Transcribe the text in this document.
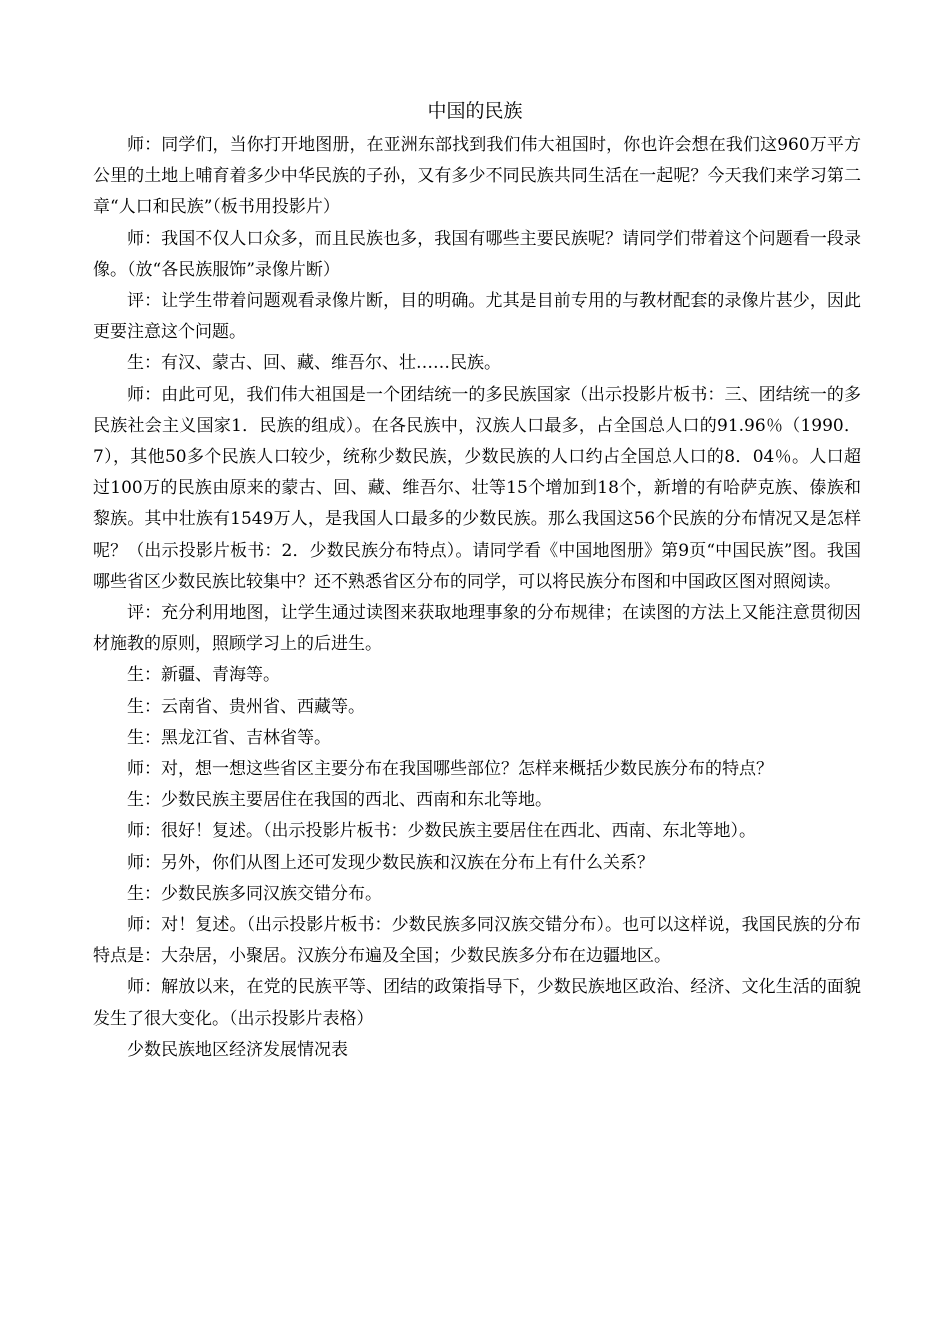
中国的民族

师：同学们，当你打开地图册，在亚洲东部找到我们伟大祖国时，你也许会想在我们这960万平方公里的土地上哺育着多少中华民族的子孙，又有多少不同民族共同生活在一起呢？今天我们来学习第二章“人口和民族”（板书用投影片）

师：我国不仅人口众多，而且民族也多，我国有哪些主要民族呢？请同学们带着这个问题看一段录像。（放“各民族服饰”录像片断）

评：让学生带着问题观看录像片断，目的明确。尤其是目前专用的与教材配套的录像片甚少，因此更要注意这个问题。

生：有汉、蒙古、回、藏、维吾尔、壮……民族。

师：由此可见，我们伟大祖国是一个团结统一的多民族国家（出示投影片板书：三、团结统一的多民族社会主义国家1．民族的组成）。在各民族中，汉族人口最多，占全国总人口的91.96％（1990．7），其他50多个民族人口较少，统称少数民族，少数民族的人口约占全国总人口的8．04％。人口超过100万的民族由原来的蒙古、回、藏、维吾尔、壮等15个增加到18个，新增的有哈萨克族、傣族和黎族。其中壮族有1549万人，是我国人口最多的少数民族。那么我国这56个民族的分布情况又是怎样呢？（出示投影片板书：2．少数民族分布特点）。请同学看《中国地图册》第9页“中国民族”图。我国哪些省区少数民族比较集中？还不熟悉省区分布的同学，可以将民族分布图和中国政区图对照阅读。

评：充分利用地图，让学生通过读图来获取地理事象的分布规律；在读图的方法上又能注意贯彻因材施教的原则，照顾学习上的后进生。

生：新疆、青海等。

生：云南省、贵州省、西藏等。

生：黑龙江省、吉林省等。

师：对，想一想这些省区主要分布在我国哪些部位？怎样来概括少数民族分布的特点？

生：少数民族主要居住在我国的西北、西南和东北等地。

师：很好！复述。（出示投影片板书：少数民族主要居住在西北、西南、东北等地）。

师：另外，你们从图上还可发现少数民族和汉族在分布上有什么关系？

生：少数民族多同汉族交错分布。

师：对！复述。（出示投影片板书：少数民族多同汉族交错分布）。也可以这样说，我国民族的分布特点是：大杂居，小聚居。汉族分布遍及全国；少数民族多分布在边疆地区。

师：解放以来，在党的民族平等、团结的政策指导下，少数民族地区政治、经济、文化生活的面貌发生了很大变化。（出示投影片表格）

少数民族地区经济发展情况表
